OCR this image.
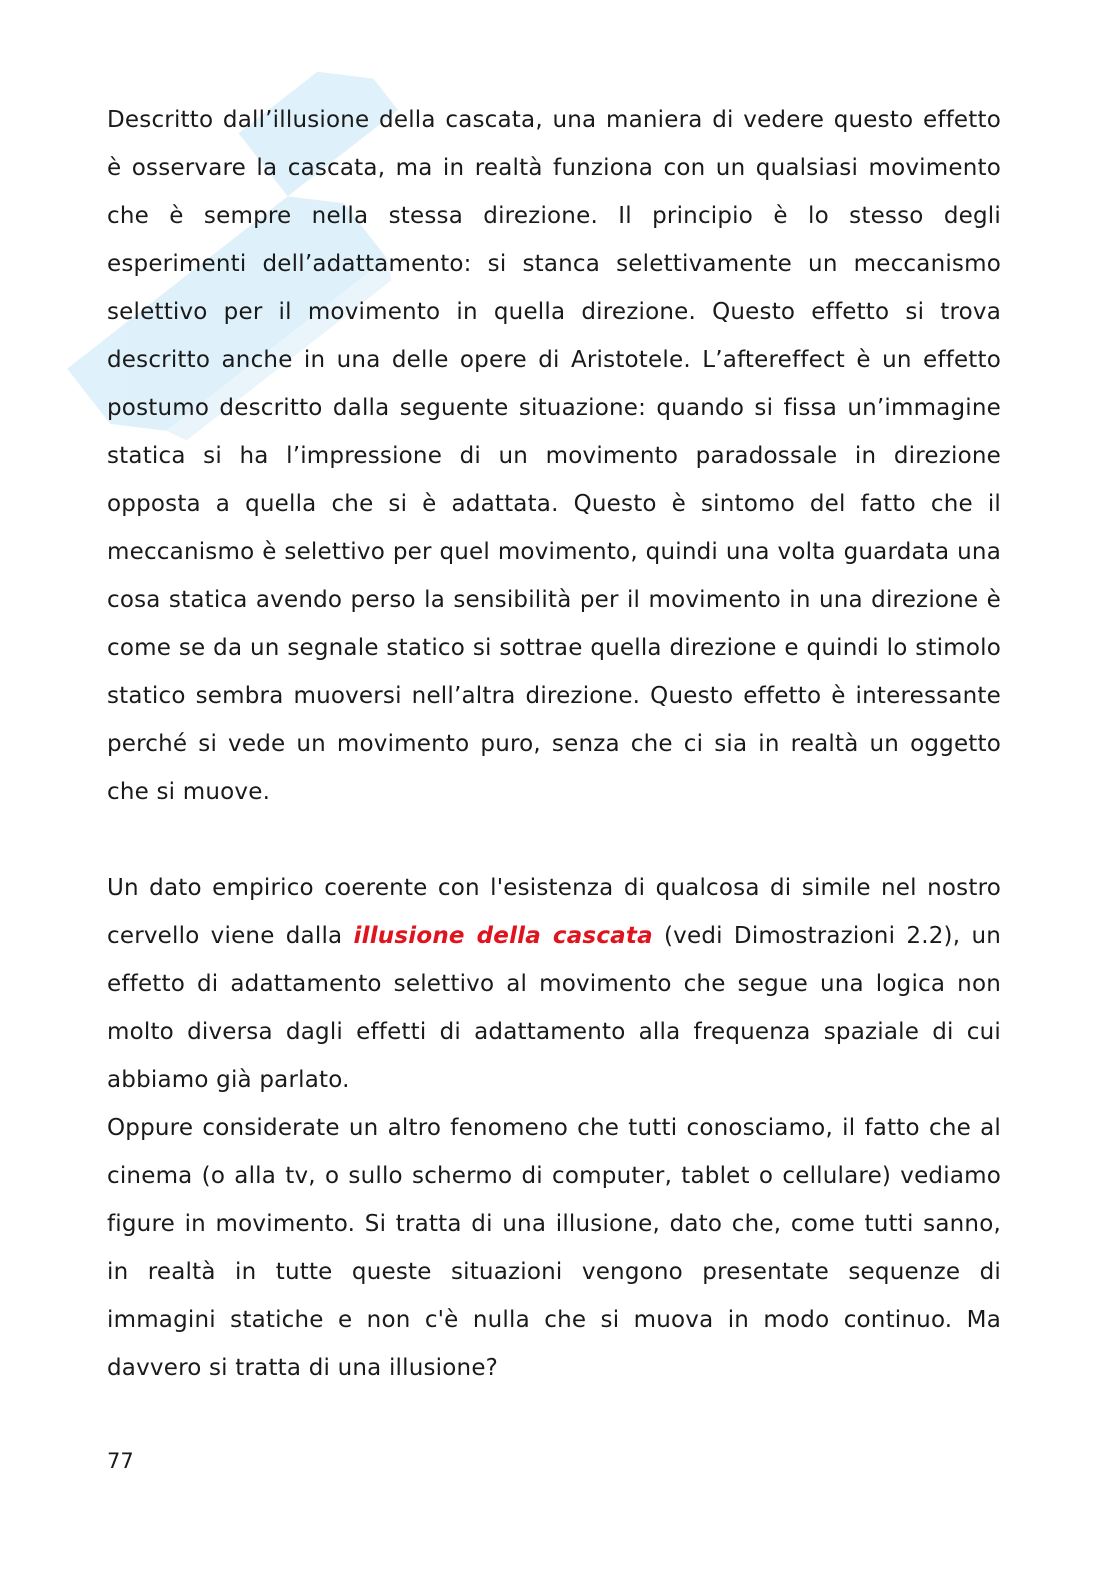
Descritto dall’illusione della cascata, una maniera di vedere questo effetto è osservare la cascata, ma in realtà funziona con un qualsiasi movimento che è sempre nella stessa direzione. Il principio è lo stesso degli esperimenti dell’adattamento: si stanca selettivamente un meccanismo selettivo per il movimento in quella direzione. Questo effetto si trova descritto anche in una delle opere di Aristotele. L’aftereffect è un effetto postumo descritto dalla seguente situazione: quando si fissa un’immagine statica si ha l’impressione di un movimento paradossale in direzione opposta a quella che si è adattata. Questo è sintomo del fatto che il meccanismo è selettivo per quel movimento, quindi una volta guardata una cosa statica avendo perso la sensibilità per il movimento in una direzione è come se da un segnale statico si sottrae quella direzione e quindi lo stimolo statico sembra muoversi nell’altra direzione. Questo effetto è interessante perché si vede un movimento puro, senza che ci sia in realtà un oggetto che si muove.

Un dato empirico coerente con l'esistenza di qualcosa di simile nel nostro cervello viene dalla illusione della cascata (vedi Dimostrazioni 2.2), un effetto di adattamento selettivo al movimento che segue una logica non molto diversa dagli effetti di adattamento alla frequenza spaziale di cui abbiamo già parlato.

Oppure considerate un altro fenomeno che tutti conosciamo, il fatto che al cinema (o alla tv, o sullo schermo di computer, tablet o cellulare) vediamo figure in movimento. Si tratta di una illusione, dato che, come tutti sanno, in realtà in tutte queste situazioni vengono presentate sequenze di immagini statiche e non c'è nulla che si muova in modo continuo. Ma davvero si tratta di una illusione?

77
